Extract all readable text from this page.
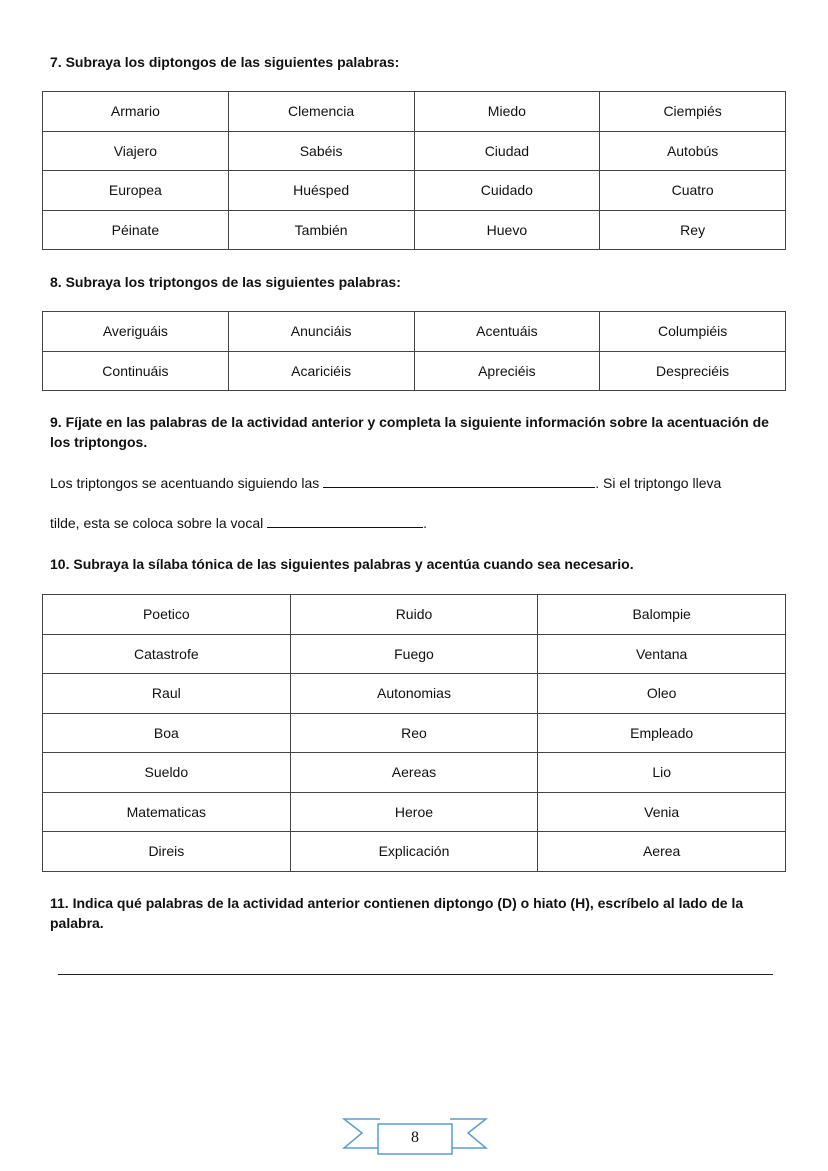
7. Subraya los diptongos de las siguientes palabras:
Armario	Clemencia	Miedo	Ciempiés
Viajero	Sabéis	Ciudad	Autobús
Europea	Huésped	Cuidado	Cuatro
Péinate	También	Huevo	Rey
8. Subraya los triptongos de las siguientes palabras:
Averiguáis	Anunciáis	Acentuáis	Columpiéis
Continuáis	Acariciéis	Apreciéis	Despreciéis
9. Fíjate en las palabras de la actividad anterior y completa la siguiente información sobre la acentuación de los triptongos.
Los triptongos se acentuando siguiendo las	. Si el triptongo lleva
tilde, esta se coloca sobre la vocal	.
10. Subraya la sílaba tónica de las siguientes palabras y acentúa cuando sea necesario.
Poetico	Ruido	Balompie
Catastrofe	Fuego	Ventana
Raul	Autonomias	Oleo
Boa	Reo	Empleado
Sueldo	Aereas	Lio
Matematicas	Heroe	Venia
Direis	Explicación	Aerea
11. Indica qué palabras de la actividad anterior contienen diptongo (D) o hiato (H), escríbelo al lado de la palabra.
8
